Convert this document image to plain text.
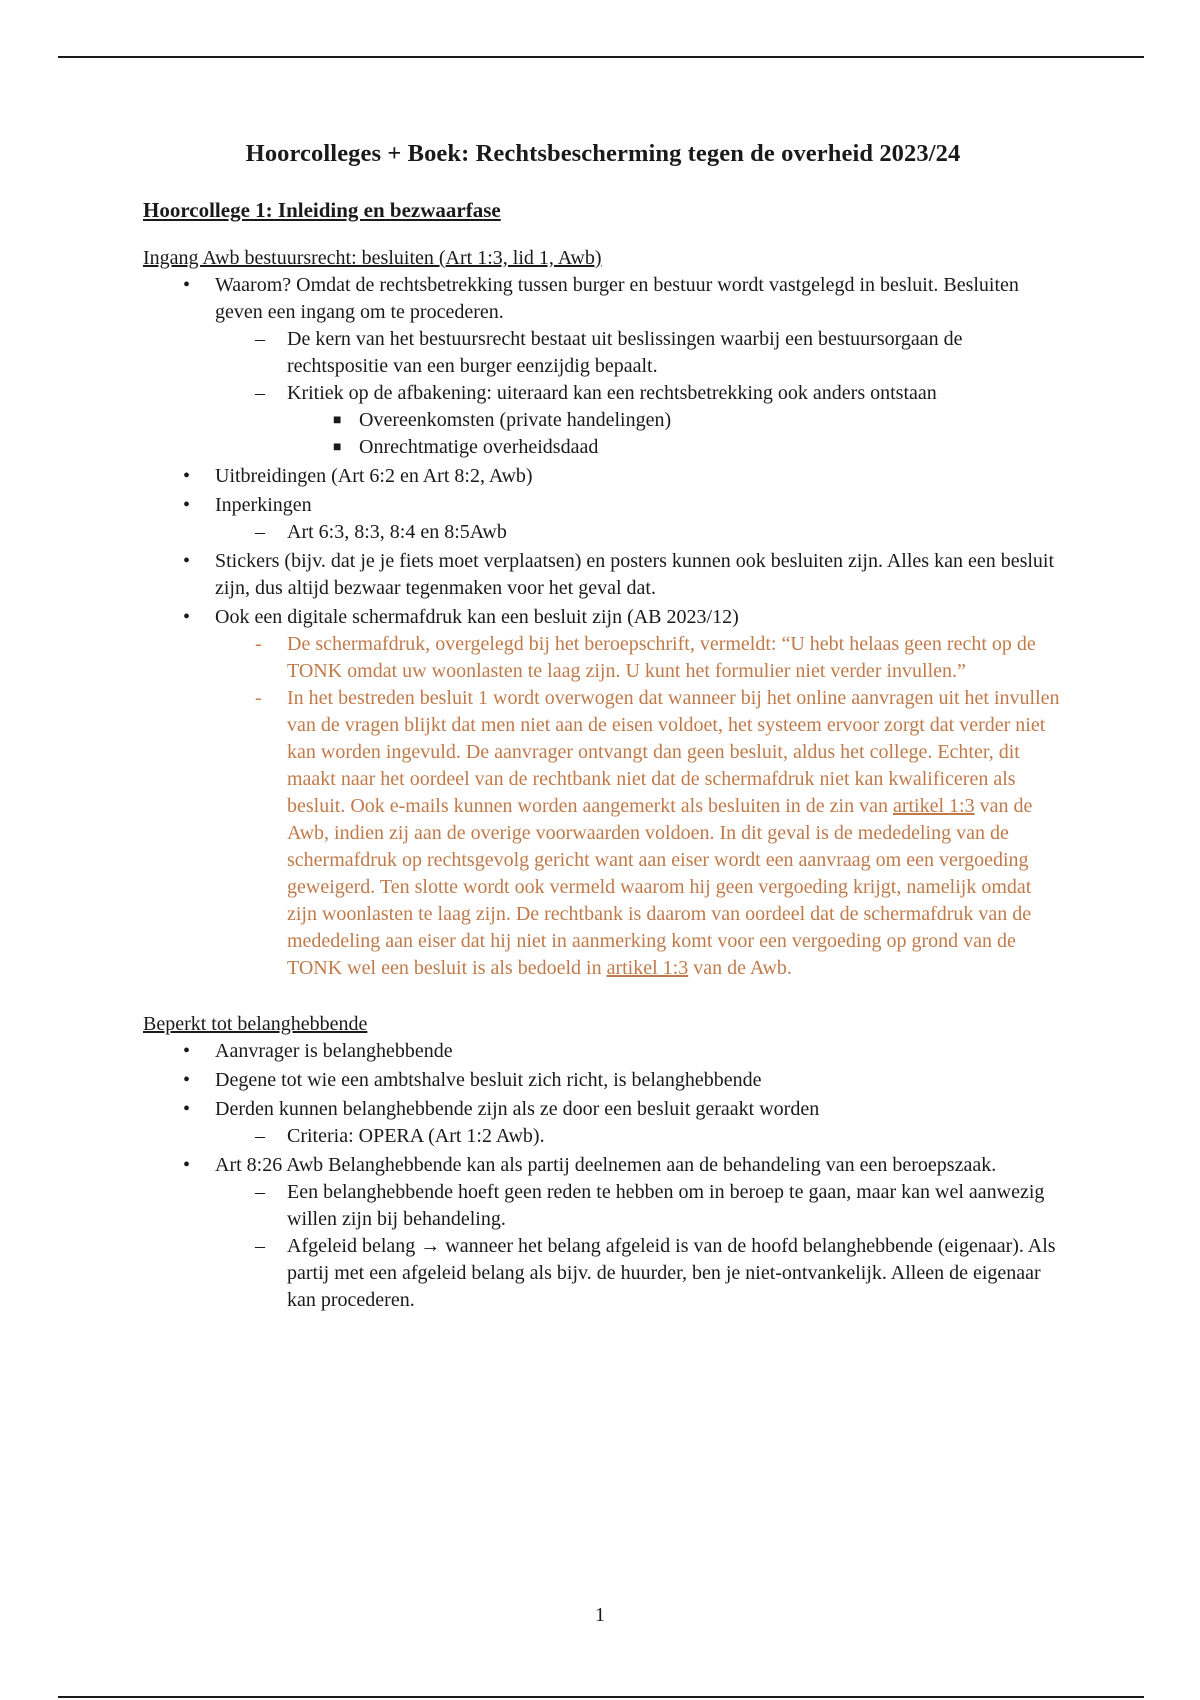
Hoorcolleges + Boek: Rechtsbescherming tegen de overheid 2023/24
Hoorcollege 1: Inleiding en bezwaarfase
Ingang Awb bestuursrecht: besluiten (Art 1:3, lid 1, Awb)
• Waarom? Omdat de rechtsbetrekking tussen burger en bestuur wordt vastgelegd in besluit. Besluiten geven een ingang om te procederen.
– De kern van het bestuursrecht bestaat uit beslissingen waarbij een bestuursorgaan de rechtspositie van een burger eenzijdig bepaalt.
– Kritiek op de afbakening: uiteraard kan een rechtsbetrekking ook anders ontstaan
■ Overeenkomsten (private handelingen)
■ Onrechtmatige overheidsdaad
• Uitbreidingen (Art 6:2 en Art 8:2, Awb)
• Inperkingen
– Art 6:3, 8:3, 8:4 en 8:5Awb
• Stickers (bijv. dat je je fiets moet verplaatsen) en posters kunnen ook besluiten zijn. Alles kan een besluit zijn, dus altijd bezwaar tegenmaken voor het geval dat.
• Ook een digitale schermafdruk kan een besluit zijn (AB 2023/12)
- De schermafdruk, overgelegd bij het beroepschrift, vermeldt: “U hebt helaas geen recht op de TONK omdat uw woonlasten te laag zijn. U kunt het formulier niet verder invullen.”
- In het bestreden besluit 1 wordt overwogen dat wanneer bij het online aanvragen uit het invullen van de vragen blijkt dat men niet aan de eisen voldoet, het systeem ervoor zorgt dat verder niet kan worden ingevuld. De aanvrager ontvangt dan geen besluit, aldus het college. Echter, dit maakt naar het oordeel van de rechtbank niet dat de schermafdruk niet kan kwalificeren als besluit. Ook e-mails kunnen worden aangemerkt als besluiten in de zin van artikel 1:3 van de Awb, indien zij aan de overige voorwaarden voldoen. In dit geval is de mededeling van de schermafdruk op rechtsgevolg gericht want aan eiser wordt een aanvraag om een vergoeding geweigerd. Ten slotte wordt ook vermeld waarom hij geen vergoeding krijgt, namelijk omdat zijn woonlasten te laag zijn. De rechtbank is daarom van oordeel dat de schermafdruk van de mededeling aan eiser dat hij niet in aanmerking komt voor een vergoeding op grond van de TONK wel een besluit is als bedoeld in artikel 1:3 van de Awb.
Beperkt tot belanghebbende
• Aanvrager is belanghebbende
• Degene tot wie een ambtshalve besluit zich richt, is belanghebbende
• Derden kunnen belanghebbende zijn als ze door een besluit geraakt worden
– Criteria: OPERA (Art 1:2 Awb).
• Art 8:26 Awb Belanghebbende kan als partij deelnemen aan de behandeling van een beroepszaak.
– Een belanghebbende hoeft geen reden te hebben om in beroep te gaan, maar kan wel aanwezig willen zijn bij behandeling.
– Afgeleid belang → wanneer het belang afgeleid is van de hoofd belanghebbende (eigenaar). Als partij met een afgeleid belang als bijv. de huurder, ben je niet-ontvankelijk. Alleen de eigenaar kan procederen.
1
